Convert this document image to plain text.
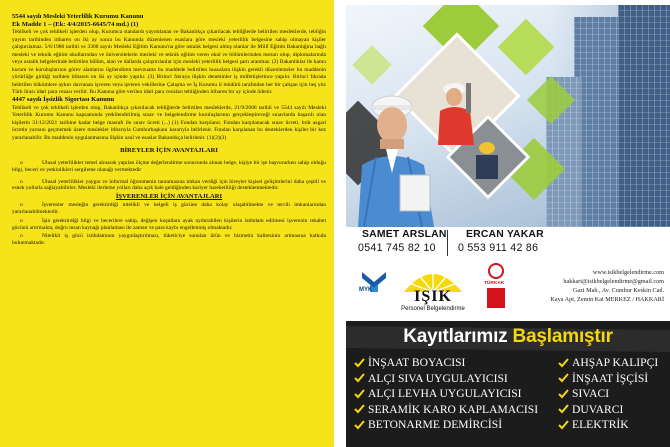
5544 sayılı Mesleki Yeterlilik Kurumu Kanunu
Ek Madde 1 – (Ek: 4/4/2015-6645/74 md.) (1)

Tehlikeli ve çok tehlikeli işlerden olup, Kurumca standardı yayımlanan ve Bakanlıkça çıkarılacak tebliğlerde belirtilen mesleklerde, tebliğin yayım tarihinden itibaren on iki ay sonra bu Kanunda düzenlenen esaslara göre mesleki yeterlilik belgesine sahip olmayan kişiler çalıştırılamaz. 5/6/1986 tarihli ve 3308 sayılı Mesleki Eğitim Kanunu'na göre ustalık belgesi almış olanlar ile Millî Eğitim Bakanlığına bağlı mesleki ve teknik eğitim okullarından ve üniversitelerin mesleki ve teknik eğitim veren okul ve bölümlerinden mezun olup, diplomalarında veya ustalık belgelerinde belirtilen bölüm, alan ve dallarda çalıştırılanlar için mesleki yeterlilik belgesi şartı aranmaz. (2) Bakanlıklar ile kamu kurum ve kuruluşlarının görev alanlarını ilgilendiren mevzuatta bu maddede belirtilen hususlara ilişkin gerekli düzenlemeler bu maddenin yürürlüğe girdiği tarihten itibaren on iki ay içinde yapılır. (3) Birinci fıkraya ilişkin denetimler iş müfettişlerince yapılır. Birinci fıkrada belirtilen hükümlere aykırı davranan işveren veya işveren vekillerine Çalışma ve İş Kurumu il müdürü tarafından her bir çalışan için beş yüz Türk lirası idari para cezası verilir. Bu Kanuna göre verilen idari para cezaları tebliğinden itibaren bir ay içinde ödenir.

4447 sayılı İşsizlik Sigortası Kanunu

Tehlikeli ve çok tehlikeli işlerden olup, Bakanlıkça çıkarılacak tebliğlerde belirtilen mesleklerde, 21/9/2006 tarihli ve 5544 sayılı Mesleki Yeterlilik Kurumu Kanunu kapsamında yetkilendirilmiş sınav ve belgelendirme kuruluşlarının gerçekleştireceği sınavlarda başarılı olan kişilerin 31/12/2021 tarihine kadar belge masrafı ile sınav ücreti (...) (1) Fondan karşılanır. Fondan karşılanacak sınav ücreti, brüt asgari ücretin yarısını geçmemek üzere meslekler itibarıyla Cumhurbaşkanı kararıyla belirlenir. Fondan karşılanan bu desteklerden kişiler bir kez yararlanabilir. Bu maddenin uygulanmasına ilişkin usul ve esaslar Bakanlıkça belirlenir. (1)(2)(3)

BİREYLER İÇİN AVANTAJLARI
o	Ulusal yeterlilikler temel alınarak yapılan ölçme değerlendirme sonucunda alınan belge, kişiye bir işe başvururken sahip olduğu bilgi, beceri ve yetkinlikleri sergileme olanağı vermektedir
o	Ulusal yeterlilikler yaygın ve informal öğrenmenin tanınmasına imkan verdiği için bireyler kişisel gelişimlerini daha çeşitli ve esnek yollarla sağlayabilirler. Mesleki ilerleme yolları daha açık hale geldiğinden kariyer hareketliliği desteklenmektedir.
İŞVERENLER İÇİN AVANTAJLARI
o	İşverenler mesleğin gerektirdiği nitelikli ve belgeli iş gücüne daha kolay ulaşabilmekte ve tercih imkanlarından yararlanabilmektedir.
o	İşin gerektirdiği bilgi ve becerilere sahip, değişen koşullara ayak uydurabilen kişilerin istihdam edilmesi işverenin rekabet gücünü artırmakta, doğru insan kaynağı planlaması ile zaman ve para kaybı engellenmiş olmaktadır.
o	Nitelikli iş gücü istihdamının yaygınlaştırılması, tüketiciye sunulan ürün ve hizmetin kalitesinin artmasına katkıda bulunmaktadır.
SAMET ARSLAN
0541 745 82 10
ERCAN YAKAR
0 553 911 42 86
MYK	IŞIK
Personel Belgelendirme
TÜRKAK
www.isikbelgelendirme.com
hakkari@isikbelgelendirme@gmail.com
Gazi Mah., Av. Cumhur Keskin Cad.
Kaya Apt, Zemin Kat MERKEZ / HAKKARİ
Kayıtlarımız Başlamıştır
İNŞAAT BOYACISI
ALÇI SIVA UYGULAYICISI
ALÇI LEVHA UYGULAYICISI
SERAMİK KARO KAPLAMACISI
BETONARME DEMİRCİSİ
AHŞAP KALIPÇI
İNŞAAT İŞÇİSİ
SIVACI
DUVARCI
ELEKTRİK
